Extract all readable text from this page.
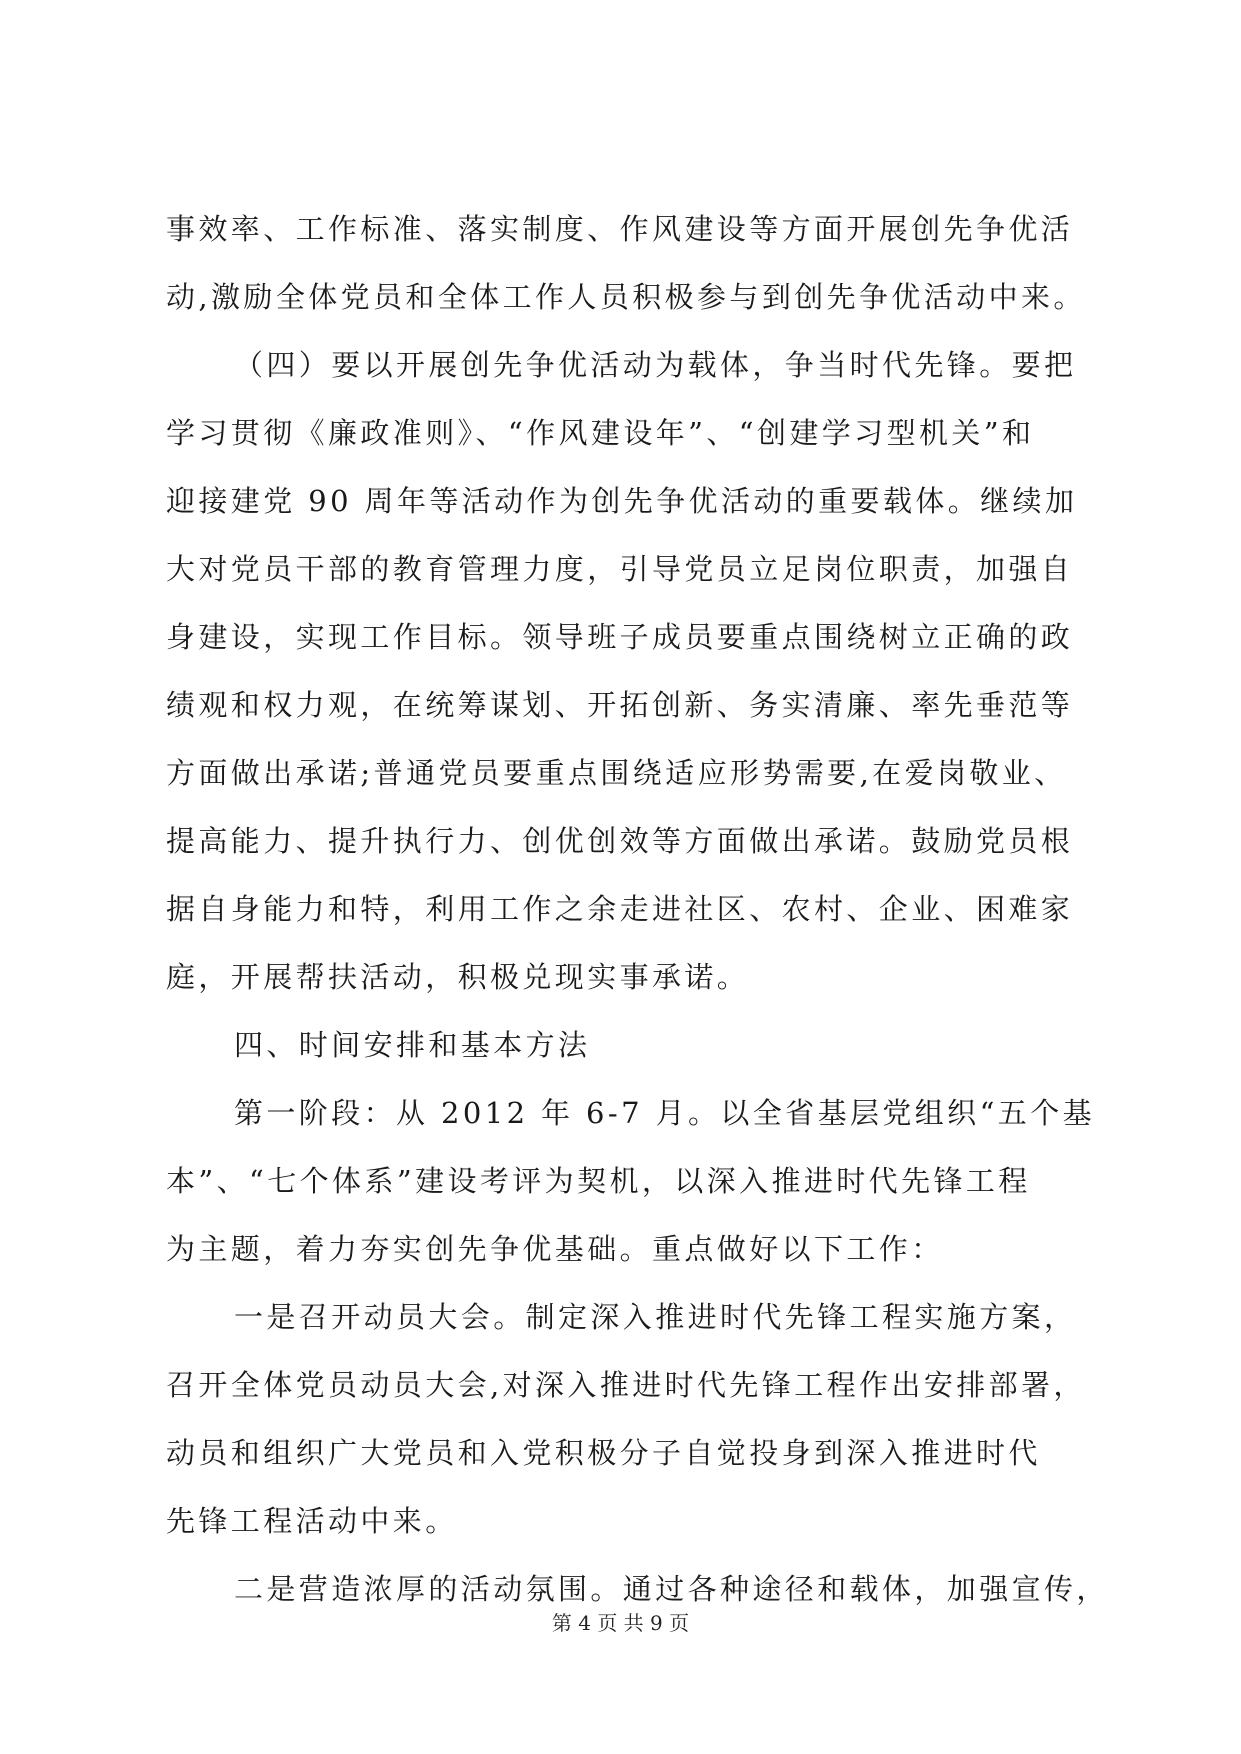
事效率、工作标准、落实制度、作风建设等方面开展创先争优活
动,激励全体党员和全体工作人员积极参与到创先争优活动中来。
（四）要以开展创先争优活动为载体，争当时代先锋。要把
学习贯彻《廉政准则》、“作风建设年”、“创建学习型机关”和
迎接建党 90 周年等活动作为创先争优活动的重要载体。继续加
大对党员干部的教育管理力度，引导党员立足岗位职责，加强自
身建设，实现工作目标。领导班子成员要重点围绕树立正确的政
绩观和权力观，在统筹谋划、开拓创新、务实清廉、率先垂范等
方面做出承诺;普通党员要重点围绕适应形势需要,在爱岗敬业、
提高能力、提升执行力、创优创效等方面做出承诺。鼓励党员根
据自身能力和特，利用工作之余走进社区、农村、企业、困难家
庭，开展帮扶活动，积极兑现实事承诺。
四、时间安排和基本方法
第一阶段：从 2012 年 6-7 月。以全省基层党组织“五个基
本”、“七个体系”建设考评为契机，以深入推进时代先锋工程
为主题，着力夯实创先争优基础。重点做好以下工作：
一是召开动员大会。制定深入推进时代先锋工程实施方案，
召开全体党员动员大会,对深入推进时代先锋工程作出安排部署，
动员和组织广大党员和入党积极分子自觉投身到深入推进时代
先锋工程活动中来。
二是营造浓厚的活动氛围。通过各种途径和载体，加强宣传，
第 4 页 共 9 页
